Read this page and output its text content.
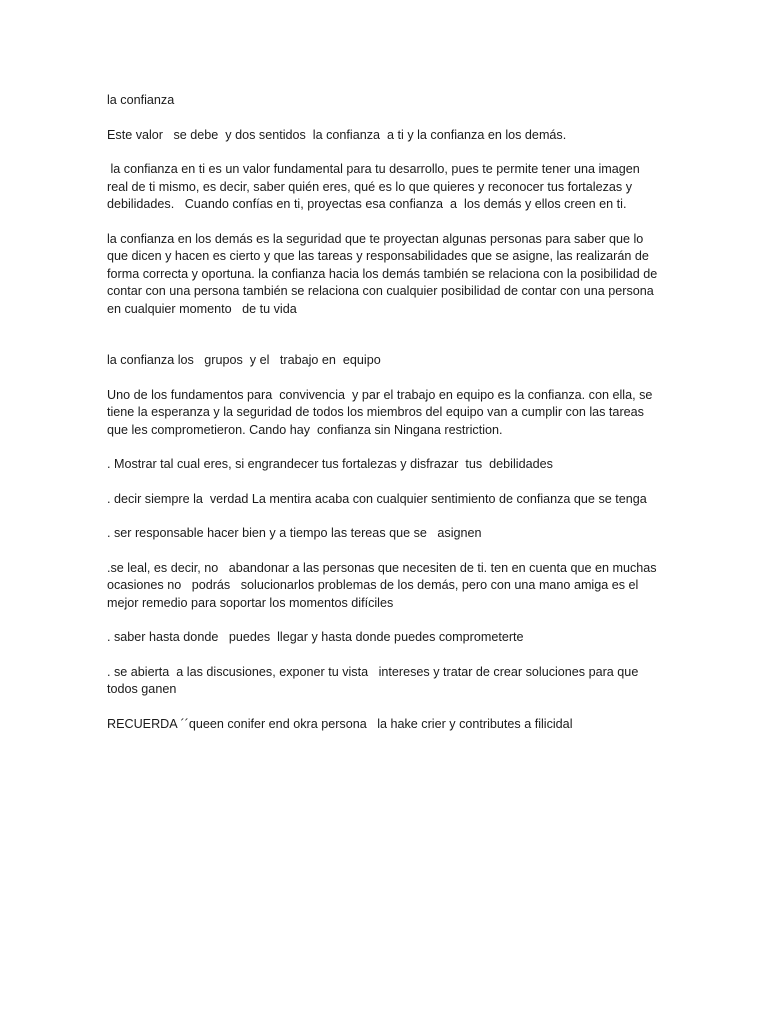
la confianza

Este valor   se debe  y dos sentidos  la confianza  a ti y la confianza en los demás.

la confianza en ti es un valor fundamental para tu desarrollo, pues te permite tener una imagen real de ti mismo, es decir, saber quién eres, qué es lo que quieres y reconocer tus fortalezas y debilidades.   Cuando confías en ti, proyectas esa confianza  a  los demás y ellos creen en ti.

la confianza en los demás es la seguridad que te proyectan algunas personas para saber que lo que dicen y hacen es cierto y que las tareas y responsabilidades que se asigne, las realizarán de forma correcta y oportuna. la confianza hacia los demás también se relaciona con la posibilidad de contar con una persona también se relaciona con cualquier posibilidad de contar con una persona en cualquier momento   de tu vida

la confianza los   grupos  y el   trabajo en  equipo

Uno de los fundamentos para  convivencia  y par el trabajo en equipo es la confianza. con ella, se tiene la esperanza y la seguridad de todos los miembros del equipo van a cumplir con las tareas que les comprometieron. Cando hay  confianza sin Ningana restriction.

. Mostrar tal cual eres, si engrandecer tus fortalezas y disfrazar  tus  debilidades

. decir siempre la  verdad La mentira acaba con cualquier sentimiento de confianza que se tenga

. ser responsable hacer bien y a tiempo las tereas que se   asignen

.se leal, es decir, no   abandonar a las personas que necesiten de ti. ten en cuenta que en muchas ocasiones no   podrás   solucionarlos problemas de los demás, pero con una mano amiga es el mejor remedio para soportar los momentos difíciles

. saber hasta donde   puedes  llegar y hasta donde puedes comprometerte

. se abierta  a las discusiones, exponer tu vista   intereses y tratar de crear soluciones para que todos ganen

RECUERDA ´´queen conifer end okra persona   la hake crier y contributes a filicidal
